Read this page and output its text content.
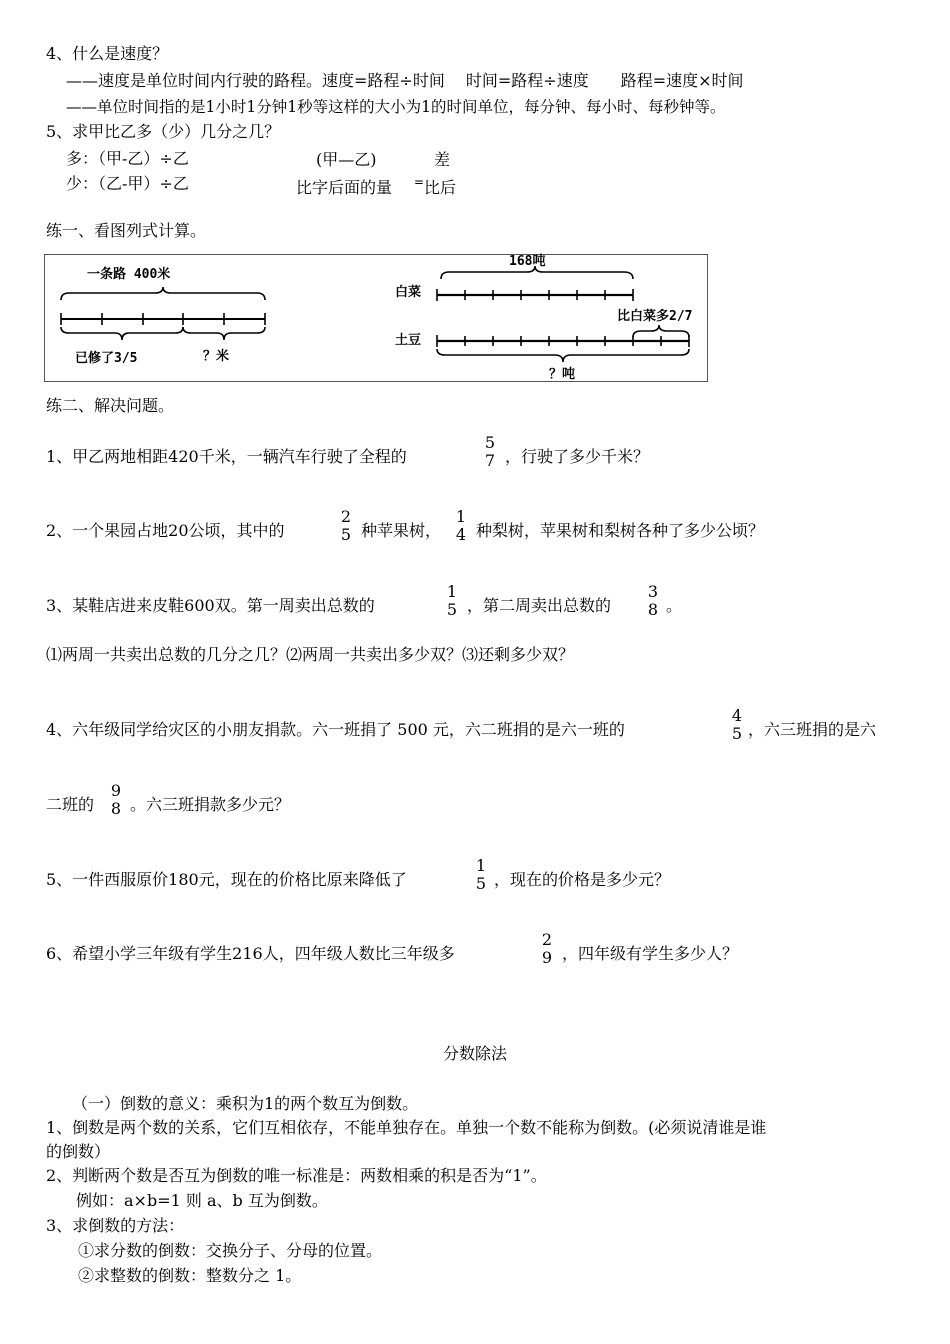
4、什么是速度？
——速度是单位时间内行驶的路程。速度=路程÷时间　 时间=路程÷速度　　路程=速度×时间
——单位时间指的是1小时1分钟1秒等这样的大小为1的时间单位，每分钟、每小时、每秒钟等。
5、求甲比乙多（少）几分之几？
多：（甲-乙）÷乙
少：（乙-甲）÷乙
(甲—乙)	差
比字后面的量 = 比后
练一、看图列式计算。
一条路 400米
已修了3/5	？米
168吨
白菜
比白菜多2/7
土豆
？吨
练二、解决问题。
1、甲乙两地相距420千米，一辆汽车行驶了全程的
5
7 ，行驶了多少千米？
2、一个果园占地20公顷，其中的
2
5 种苹果树，
1
4 种梨树，苹果树和梨树各种了多少公顷？
3、某鞋店进来皮鞋600双。第一周卖出总数的
1
5 ，第二周卖出总数的
3
8 。
⑴两周一共卖出总数的几分之几？⑵两周一共卖出多少双？⑶还剩多少双？
4、六年级同学给灾区的小朋友捐款。六一班捐了 500 元，六二班捐的是六一班的
4
5 ，六三班捐的是六
二班的
9
8 。六三班捐款多少元？
5、一件西服原价180元，现在的价格比原来降低了
1
5 ，现在的价格是多少元？
6、希望小学三年级有学生216人，四年级人数比三年级多
2
9 ，四年级有学生多少人？
分数除法
（一）倒数的意义：乘积为1的两个数互为倒数。
1、倒数是两个数的关系，它们互相依存，不能单独存在。单独一个数不能称为倒数。(必须说清谁是谁
的倒数）
2、判断两个数是否互为倒数的唯一标准是：两数相乘的积是否为“1”。
例如：a×b=1 则 a、b 互为倒数。
3、求倒数的方法：
①求分数的倒数：交换分子、分母的位置。
②求整数的倒数：整数分之 1。
